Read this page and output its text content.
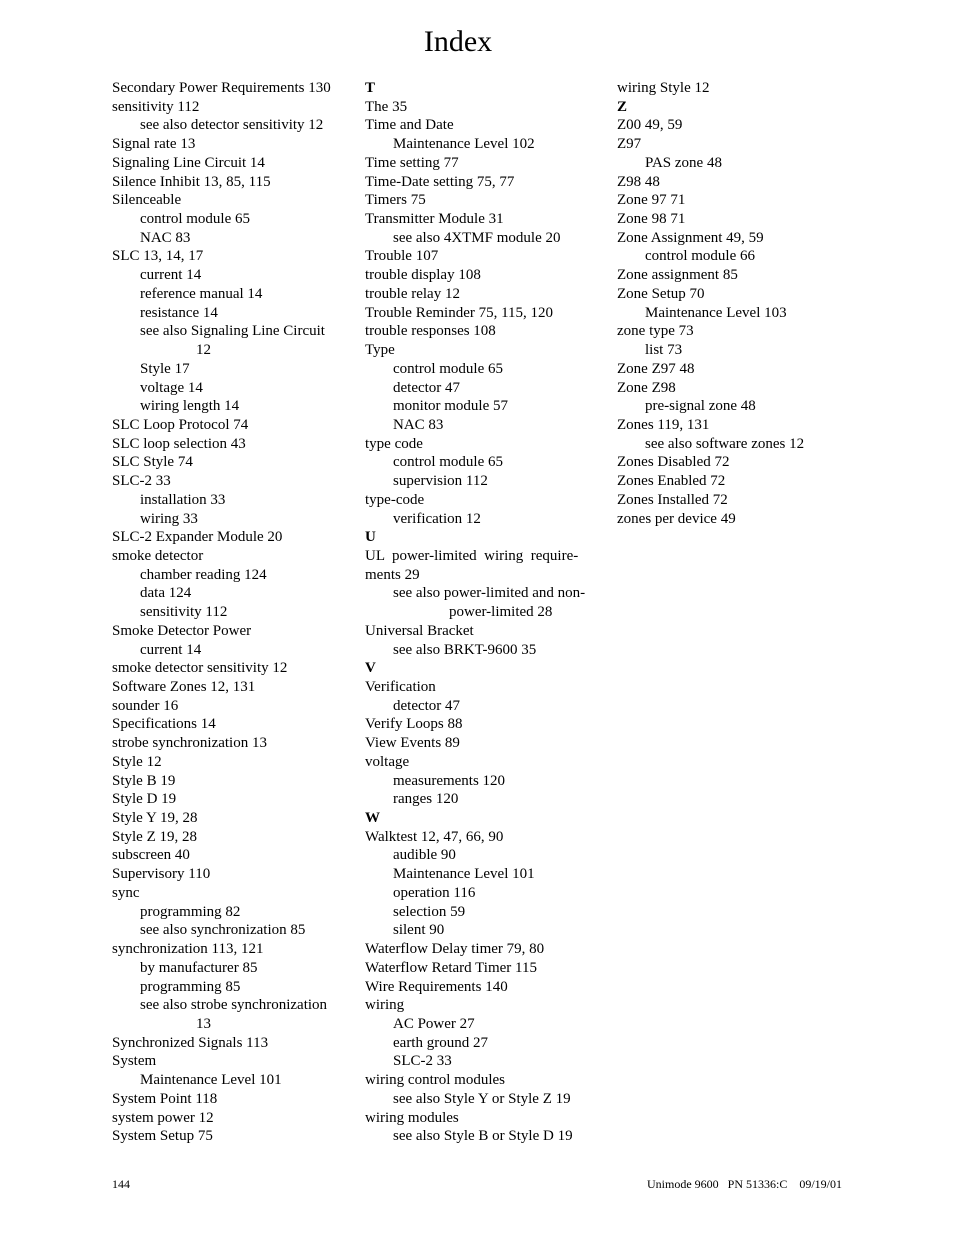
Index
Secondary Power Requirements 130
sensitivity 112
see also detector sensitivity 12
Signal rate 13
Signaling Line Circuit 14
Silence Inhibit 13, 85, 115
Silenceable
control module 65
NAC 83
SLC 13, 14, 17
current 14
reference manual 14
resistance 14
see also Signaling Line Circuit
12
Style 17
voltage 14
wiring length 14
SLC Loop Protocol 74
SLC loop selection 43
SLC Style 74
SLC-2 33
installation 33
wiring 33
SLC-2 Expander Module 20
smoke detector
chamber reading 124
data 124
sensitivity 112
Smoke Detector Power
current 14
smoke detector sensitivity 12
Software Zones 12, 131
sounder 16
Specifications 14
strobe synchronization 13
Style 12
Style B 19
Style D 19
Style Y 19, 28
Style Z 19, 28
subscreen 40
Supervisory 110
sync
programming 82
see also synchronization 85
synchronization 113, 121
by manufacturer 85
programming 85
see also strobe synchronization
13
Synchronized Signals 113
System
Maintenance Level 101
System Point 118
system power 12
System Setup 75
T
The 35
Time and Date
Maintenance Level 102
Time setting 77
Time-Date setting 75, 77
Timers 75
Transmitter Module 31
see also 4XTMF module 20
Trouble 107
trouble display 108
trouble relay 12
Trouble Reminder 75, 115, 120
trouble responses 108
Type
control module 65
detector 47
monitor module 57
NAC 83
type code
control module 65
supervision 112
type-code
verification 12
U
UL  power-limited  wiring  require-
ments 29
see also power-limited and non-
power-limited 28
Universal Bracket
see also BRKT-9600 35
V
Verification
detector 47
Verify Loops 88
View Events 89
voltage
measurements 120
ranges 120
W
Walktest 12, 47, 66, 90
audible 90
Maintenance Level 101
operation 116
selection 59
silent 90
Waterflow Delay timer 79, 80
Waterflow Retard Timer 115
Wire Requirements 140
wiring
AC Power 27
earth ground 27
SLC-2 33
wiring control modules
see also Style Y or Style Z 19
wiring modules
see also Style B or Style D 19
wiring Style 12
Z
Z00 49, 59
Z97
PAS zone 48
Z98 48
Zone 97 71
Zone 98 71
Zone Assignment 49, 59
control module 66
Zone assignment 85
Zone Setup 70
Maintenance Level 103
zone type 73
list 73
Zone Z97 48
Zone Z98
pre-signal zone 48
Zones 119, 131
see also software zones 12
Zones Disabled 72
Zones Enabled 72
Zones Installed 72
zones per device 49
144	Unimode 9600   PN 51336:C    09/19/01
